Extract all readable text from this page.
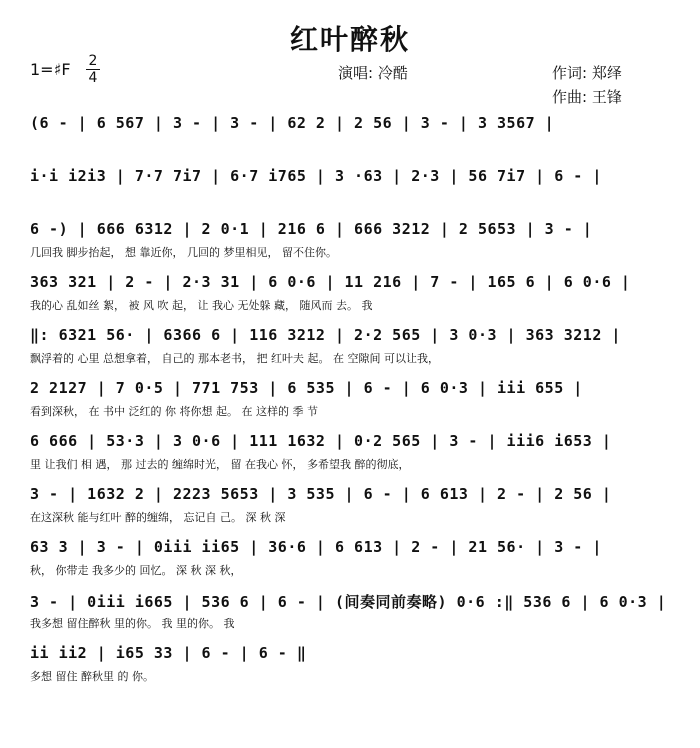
红叶醉秋
1=♯F 2
4	演唱: 冷酷	作词: 郑绎
作曲: 王锋
(6 - | 6 567 | 3 - | 3 - | 62 2 | 2 56 | 3 - | 3 3567 |
i·i i2i3 | 7·7 7i7 | 6·7 i765 | 3 ·63 | 2·3 | 56 7i7 | 6 - |
6 -) | 666 6312 | 2 0·1 | 216 6 | 666 3212 | 2 5653 | 3 - |
几回我 脚步抬起， 想 靠近你， 几回的 梦里相见， 留不住你。
363 321 | 2 - | 2·3 31 | 6 0·6 | 11 216 | 7 - | 165 6 | 6 0·6 |
我的心 乱如丝 絮， 被 风 吹 起， 让 我心 无处躲 藏， 随风而 去。 我
‖: 6321 56· | 6366 6 | 116 3212 | 2·2 565 | 3 0·3 | 363 3212 |
飘浮着的 心里 总想拿着， 自己的 那本老书， 把 红叶夫 起。 在 空隙间 可以让我，
2 2127 | 7 0·5 | 771 753 | 6 535 | 6 - | 6 0·3 | iii 655 |
看到深秋， 在 书中 泛红的 你 将你想 起。 在 这样的 季 节
6 666 | 53·3 | 3 0·6 | 111 1632 | 0·2 565 | 3 - | iii6 i653 |
里 让我们 相 遇， 那 过去的 缠绵时光， 留 在我心 怀， 多希望我 醉的彻底，
3 - | 1632 2 | 2223 5653 | 3 535 | 6 - | 6 613 | 2 - | 2 56 |
在这深秋 能与红叶 醉的缠绵， 忘记自 己。 深 秋 深
63 3 | 3 - | 0iii ii65 | 36·6 | 6 613 | 2 - | 21 56· | 3 - |
秋， 你带走 我多少的 回忆。 深 秋 深 秋，
3 - | 0iii i665 | 536 6 | 6 - | (间奏同前奏略) 0·6 :‖ 536 6 | 6 0·3 |
我多想 留住醉秋 里的你。 我 里的你。 我
ii ii2 | i65 33 | 6 - | 6 - ‖
多想 留住 醉秋里 的 你。
